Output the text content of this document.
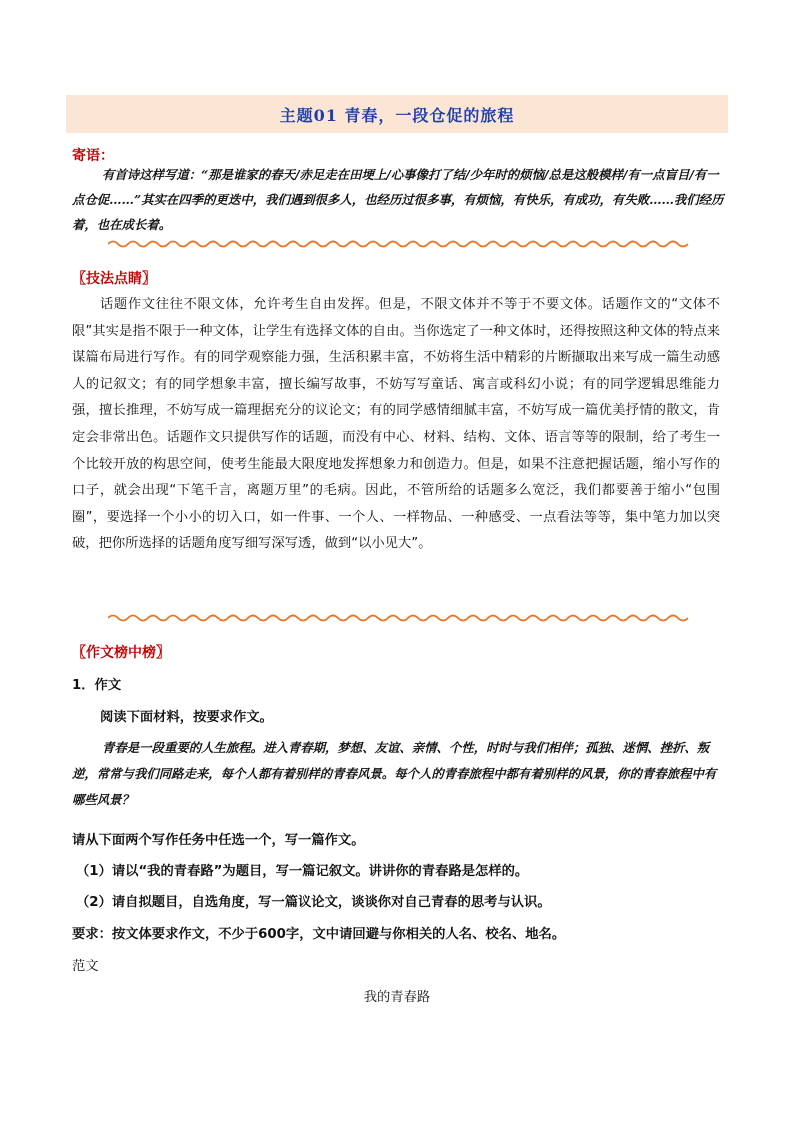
主题01 青春，一段仓促的旅程
寄语：
有首诗这样写道：“那是谁家的春天/赤足走在田埂上/心事像打了结/少年时的烦恼/总是这般模样/有一点盲目/有一点仓促……”其实在四季的更迭中，我们遇到很多人，也经历过很多事，有烦恼，有快乐，有成功，有失败……我们经历着，也在成长着。
〖技法点睛〗
话题作文往往不限文体，允许考生自由发挥。但是，不限文体并不等于不要文体。话题作文的“文体不限”其实是指不限于一种文体，让学生有选择文体的自由。当你选定了一种文体时，还得按照这种文体的特点来谋篇布局进行写作。有的同学观察能力强，生活积累丰富，不妨将生活中精彩的片断撷取出来写成一篇生动感人的记叙文；有的同学想象丰富，擅长编写故事，不妨写写童话、寓言或科幻小说；有的同学逻辑思维能力强，擅长推理，不妨写成一篇理据充分的议论文；有的同学感情细腻丰富，不妨写成一篇优美抒情的散文，肯定会非常出色。话题作文只提供写作的话题，而没有中心、材料、结构、文体、语言等等的限制，给了考生一个比较开放的构思空间，使考生能最大限度地发挥想象力和创造力。但是，如果不注意把握话题，缩小写作的口子，就会出现“下笔千言，离题万里”的毛病。因此，不管所给的话题多么宽泛，我们都要善于缩小“包围圈”，要选择一个小小的切入口，如一件事、一个人、一样物品、一种感受、一点看法等等，集中笔力加以突破，把你所选择的话题角度写细写深写透，做到“以小见大”。
〖作文榜中榜〗
1．作文
阅读下面材料，按要求作文。
青春是一段重要的人生旅程。进入青春期，梦想、友谊、亲情、个性，时时与我们相伴；孤独、迷惘、挫折、叛逆，常常与我们同路走来，每个人都有着别样的青春风景。每个人的青春旅程中都有着别样的风景，你的青春旅程中有哪些风景？
请从下面两个写作任务中任选一个，写一篇作文。
（1）请以“我的青春路”为题目，写一篇记叙文。讲讲你的青春路是怎样的。
（2）请自拟题目，自选角度，写一篇议论文，谈谈你对自己青春的思考与认识。
要求：按文体要求作文，不少于600字，文中请回避与你相关的人名、校名、地名。
范文
我的青春路
